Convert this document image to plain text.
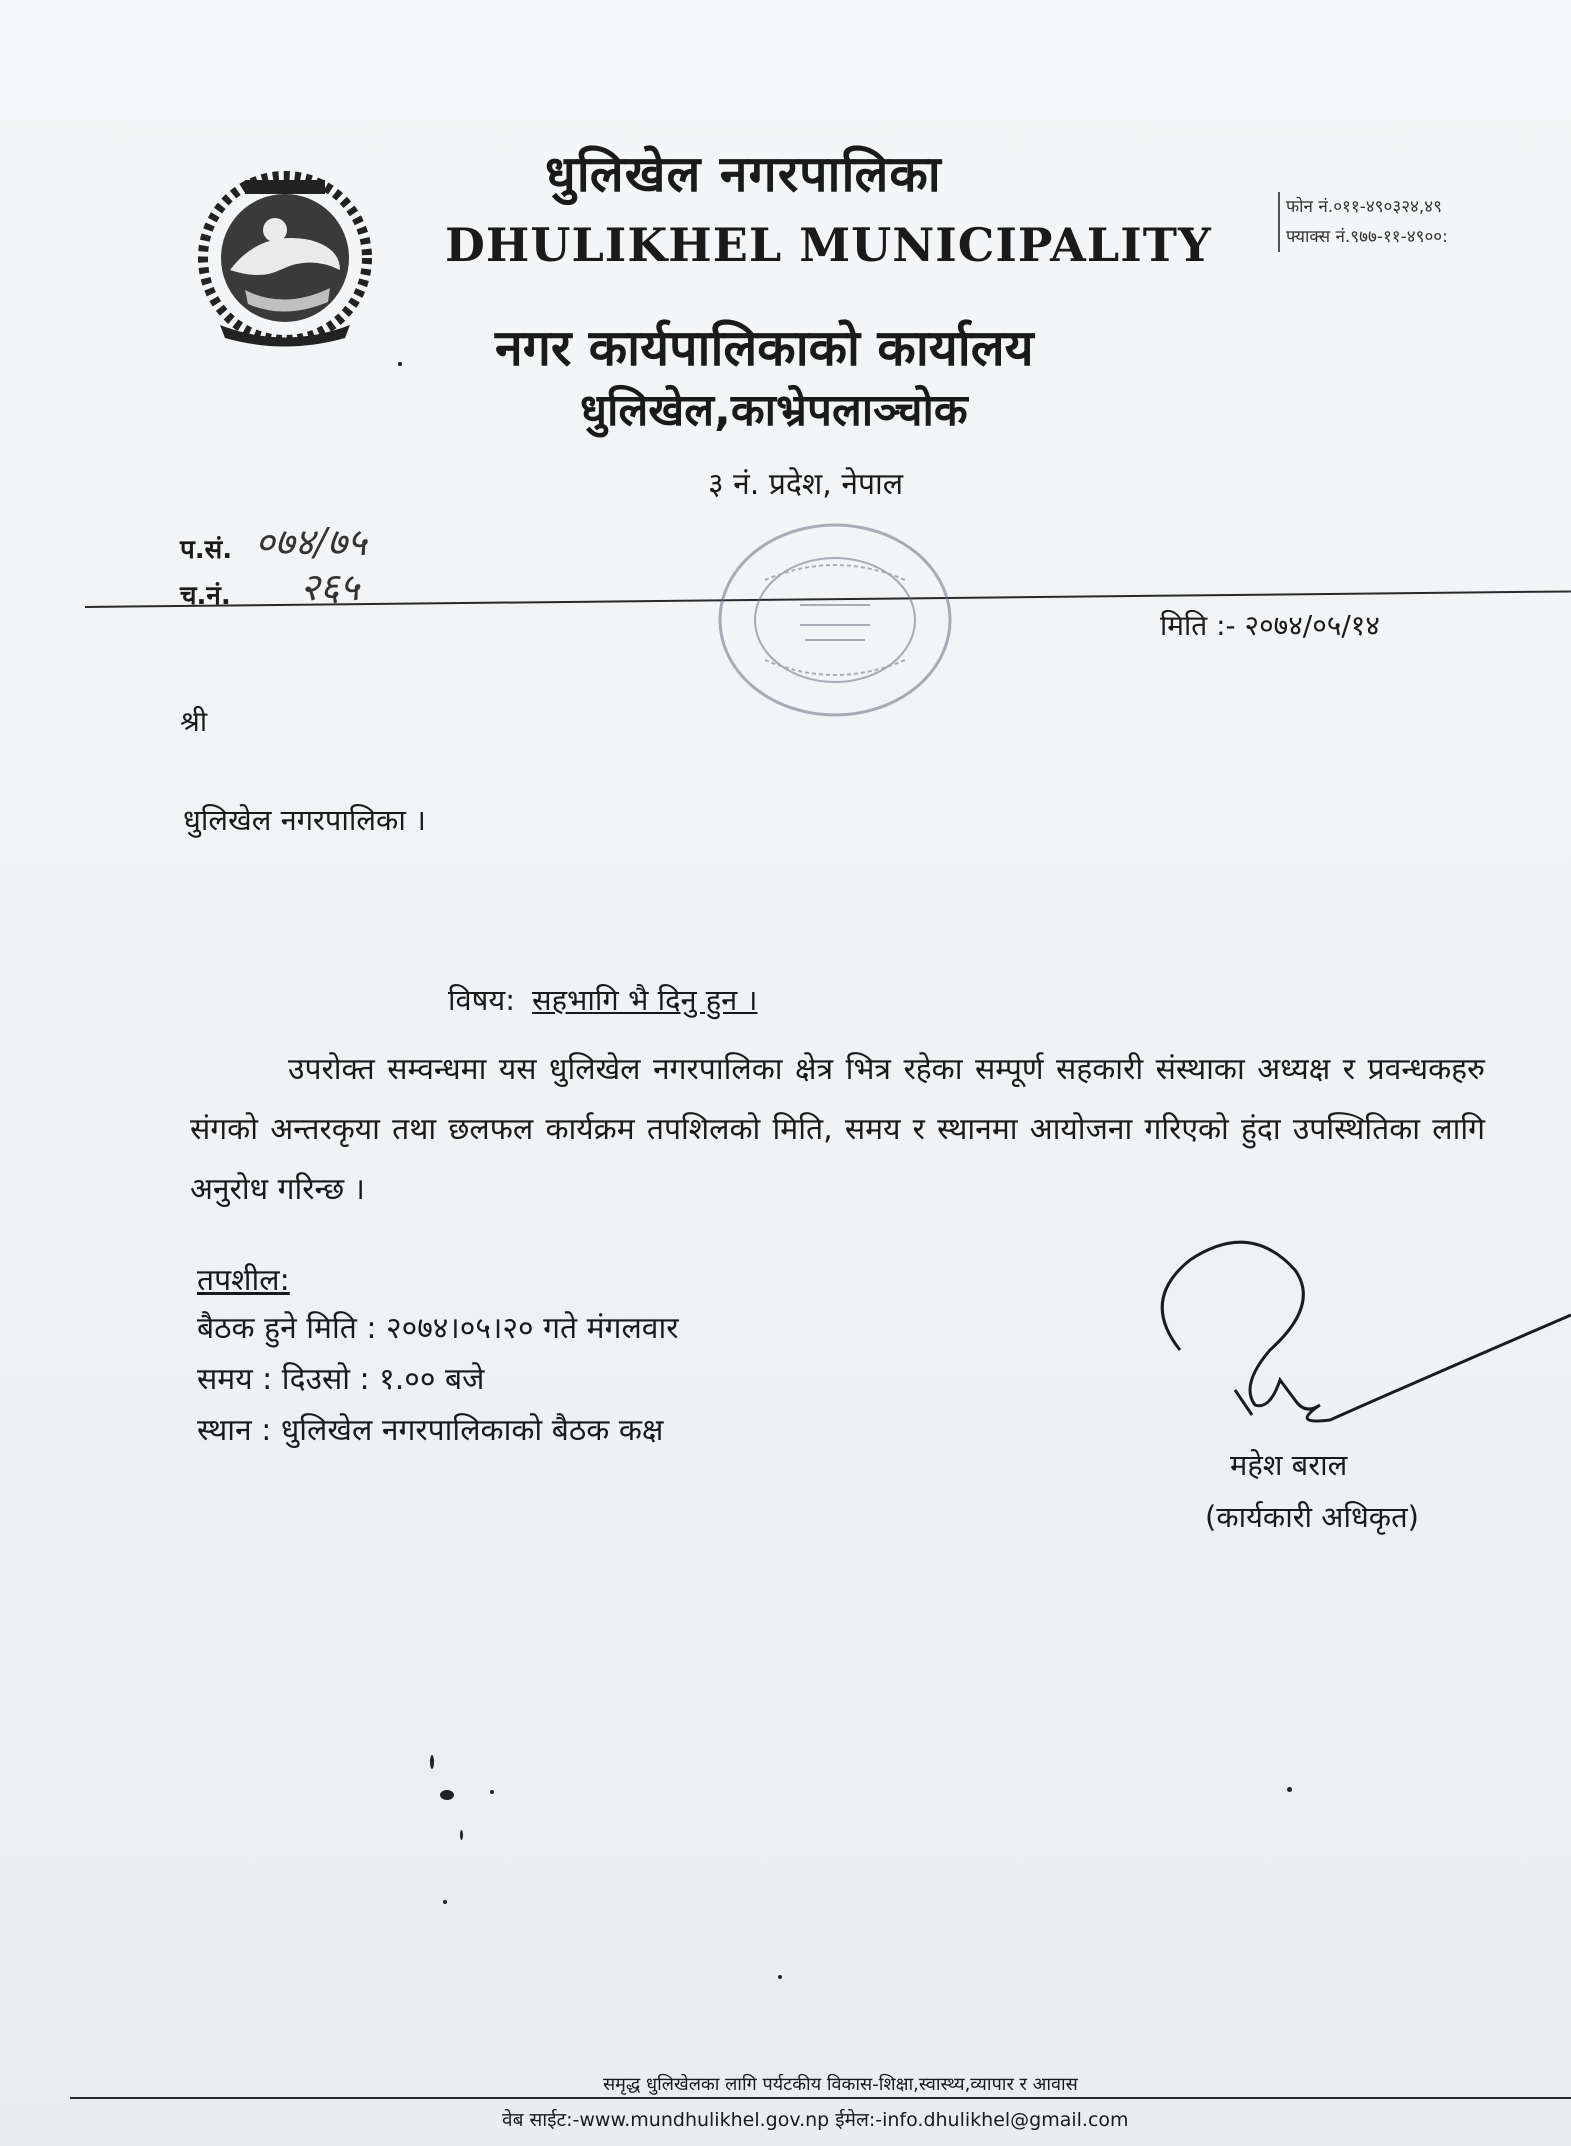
धुलिखेल नगरपालिका
DHULIKHEL MUNICIPALITY
नगर कार्यपालिकाको कार्यालय
धुलिखेल,काभ्रेपलाञ्चोक
३ नं. प्रदेश, नेपाल
फोन नं.०११-४९०३२४,४९
फ्याक्स नं.९७७-११-४९००:
प.सं. ०७४/७५
च.नं. २६५
मिति :- २०७४/०५/१४
श्री
धुलिखेल नगरपालिका ।
विषय: सहभागि भै दिनु हुन ।
उपरोक्त सम्वन्धमा यस धुलिखेल नगरपालिका क्षेत्र भित्र रहेका सम्पूर्ण सहकारी संस्थाका अध्यक्ष र प्रवन्धकहरु संगको अन्तरकृया तथा छलफल कार्यक्रम तपशिलको मिति, समय र स्थानमा आयोजना गरिएको हुंदा उपस्थितिका लागि अनुरोध गरिन्छ ।
तपशील:
बैठक हुने मिति : २०७४।०५।२० गते मंगलवार
समय : दिउसो : १.०० बजे
स्थान : धुलिखेल नगरपालिकाको बैठक कक्ष
महेश बराल
(कार्यकारी अधिकृत)
समृद्ध धुलिखेलका लागि पर्यटकीय विकास-शिक्षा,स्वास्थ्य,व्यापार र आवास
वेब साईट:-www.mundhulikhel.gov.np ईमेल:-info.dhulikhel@gmail.com
